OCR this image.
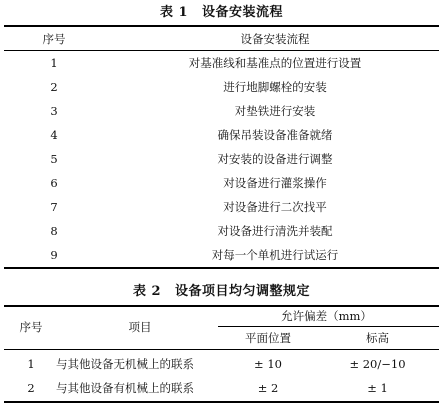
表 1 设备安装流程
序号	设备安装流程
1	对基准线和基准点的位置进行设置
2	进行地脚螺栓的安装
3	对垫铁进行安装
4	确保吊装设备准备就绪
5	对安装的设备进行调整
6	对设备进行灌浆操作
7	对设备进行二次找平
8	对设备进行清洗并装配
9	对每一个单机进行试运行
表 2 设备项目均匀调整规定
序号	项目
允许偏差（mm）
平面位置	标高
1	与其他设备无机械上的联系	± 10	± 20/−10
2	与其他设备有机械上的联系	± 2	± 1
